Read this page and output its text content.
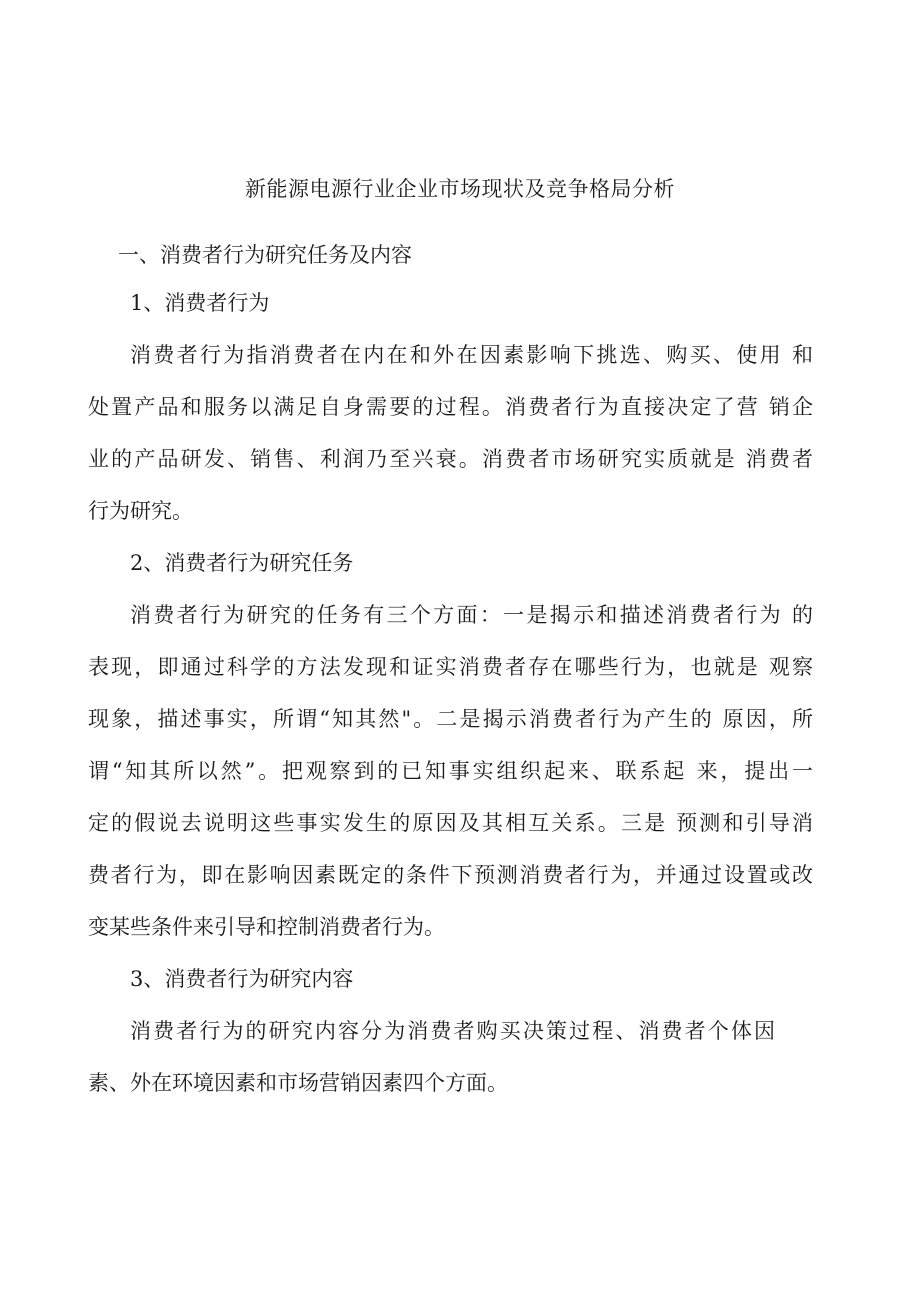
新能源电源行业企业市场现状及竞争格局分析
一、消费者行为研究任务及内容
1、消费者行为
消费者行为指消费者在内在和外在因素影响下挑选、购买、使用 和
处置产品和服务以满足自身需要的过程。消费者行为直接决定了营 销企
业的产品研发、销售、利润乃至兴衰。消费者市场研究实质就是 消费者
行为研究。
2、消费者行为研究任务
消费者行为研究的任务有三个方面：一是揭示和描述消费者行为 的
表现，即通过科学的方法发现和证实消费者存在哪些行为，也就是 观察
现象，描述事实，所谓“知其然"。二是揭示消费者行为产生的 原因，所
谓“知其所以然”。把观察到的已知事实组织起来、联系起 来，提出一
定的假说去说明这些事实发生的原因及其相互关系。三是 预测和引导消
费者行为，即在影响因素既定的条件下预测消费者行为，并通过设置或改
变某些条件来引导和控制消费者行为。
3、消费者行为研究内容
消费者行为的研究内容分为消费者购买决策过程、消费者个体因
素、外在环境因素和市场营销因素四个方面。
